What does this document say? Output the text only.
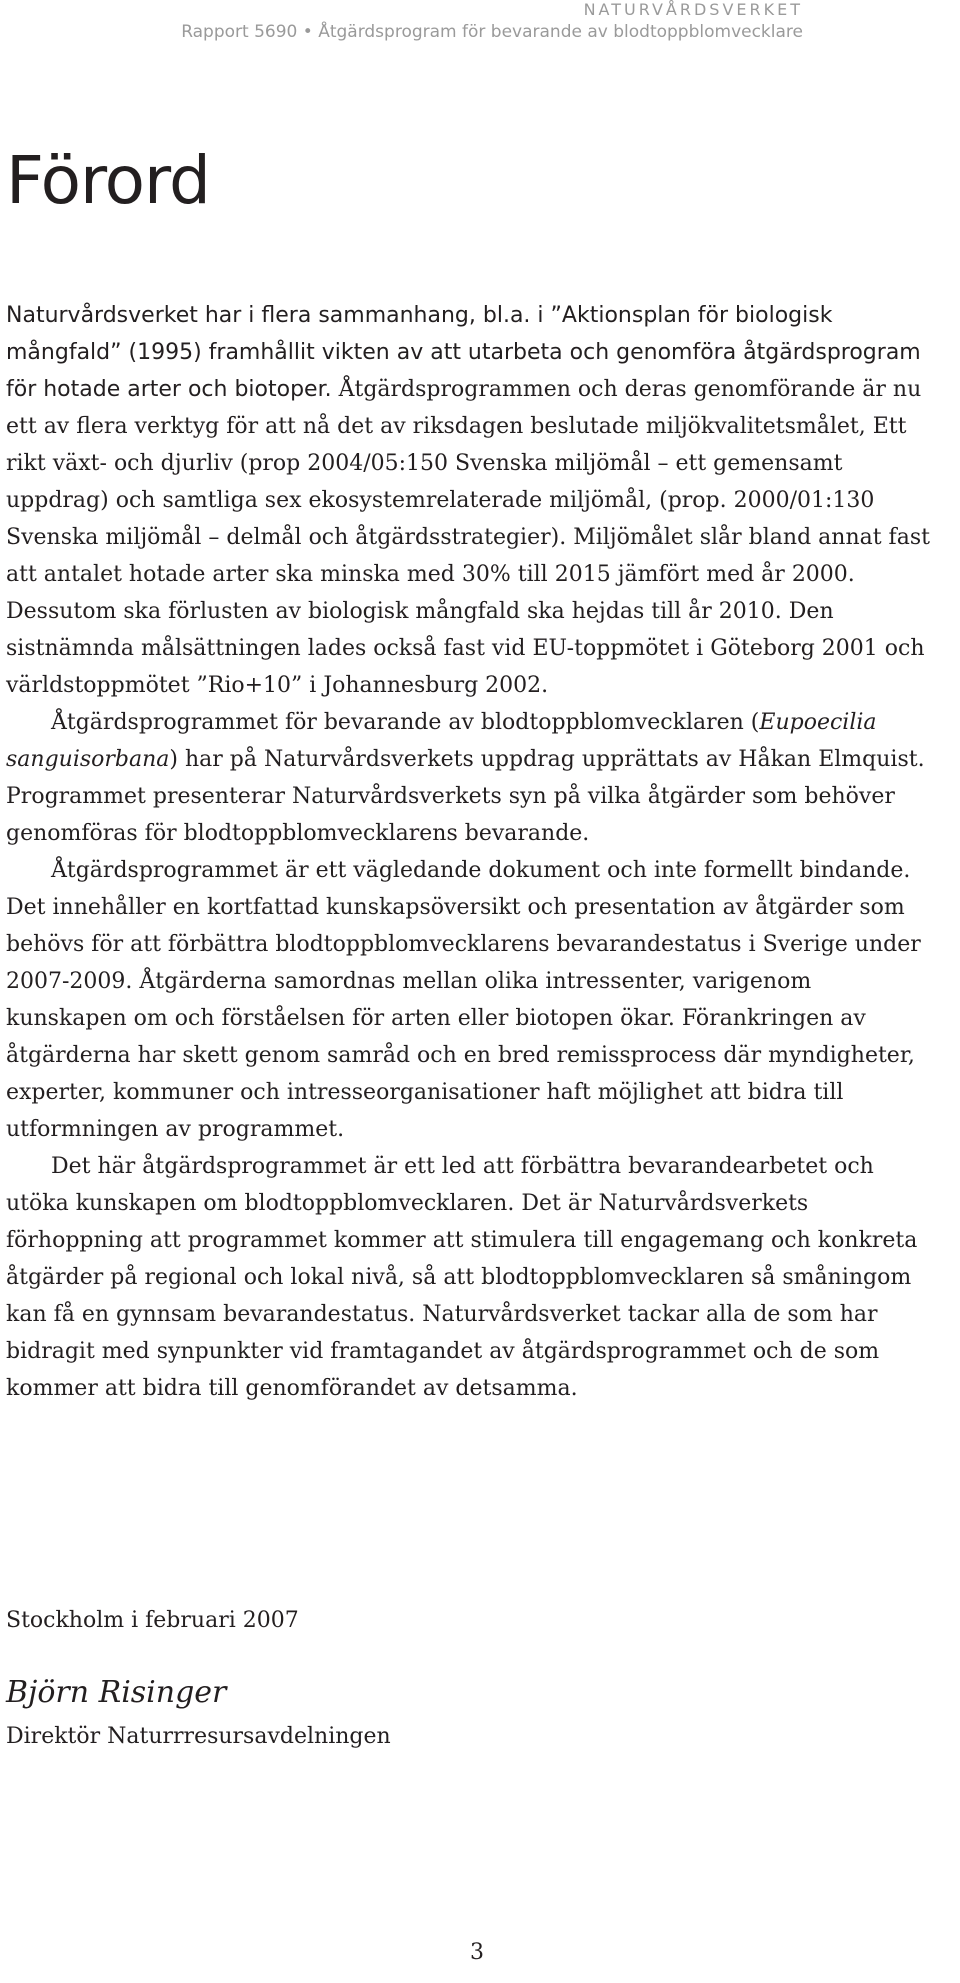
NATURVÅRDSVERKET
Rapport 5690 • Åtgärdsprogram för bevarande av blodtoppblomvecklare
Förord

Naturvårdsverket har i flera sammanhang, bl.a. i ”Aktionsplan för biologisk mångfald” (1995) framhållit vikten av att utarbeta och genomföra åtgärdsprogram för hotade arter och biotoper. Åtgärdsprogrammen och deras genomförande är nu ett av flera verktyg för att nå det av riksdagen beslutade miljökvalitetsmålet, Ett rikt växt- och djurliv (prop 2004/05:150 Svenska miljömål – ett gemensamt uppdrag) och samtliga sex ekosystemrelaterade miljömål, (prop. 2000/01:130 Svenska miljömål – delmål och åtgärdsstrategier). Miljömålet slår bland annat fast att antalet hotade arter ska minska med 30% till 2015 jämfört med år 2000. Dessutom ska förlusten av biologisk mångfald ska hejdas till år 2010. Den sistnämnda målsättningen lades också fast vid EU-toppmötet i Göteborg 2001 och världstoppmötet ”Rio+10” i Johannesburg 2002.

Åtgärdsprogrammet för bevarande av blodtoppblomvecklaren (Eupoecilia sanguisorbana) har på Naturvårdsverkets uppdrag upprättats av Håkan Elmquist. Programmet presenterar Naturvårdsverkets syn på vilka åtgärder som behöver genomföras för blodtoppblomvecklarens bevarande.

Åtgärdsprogrammet är ett vägledande dokument och inte formellt bindande. Det innehåller en kortfattad kunskapsöversikt och presentation av åtgärder som behövs för att förbättra blodtoppblomvecklarens bevarandestatus i Sverige under 2007-2009. Åtgärderna samordnas mellan olika intressenter, varigenom kunskapen om och förståelsen för arten eller biotopen ökar. Förankringen av åtgärderna har skett genom samråd och en bred remissprocess där myndigheter, experter, kommuner och intresseorganisationer haft möjlighet att bidra till utformningen av programmet.

Det här åtgärdsprogrammet är ett led att förbättra bevarandearbetet och utöka kunskapen om blodtoppblomvecklaren. Det är Naturvårdsverkets förhoppning att programmet kommer att stimulera till engagemang och konkreta åtgärder på regional och lokal nivå, så att blodtoppblomvecklaren så småningom kan få en gynnsam bevarandestatus. Naturvårdsverket tackar alla de som har bidragit med synpunkter vid framtagandet av åtgärdsprogrammet och de som kommer att bidra till genomförandet av detsamma.

Stockholm i februari 2007
Björn Risinger
Direktör Naturrresursavdelningen
3
